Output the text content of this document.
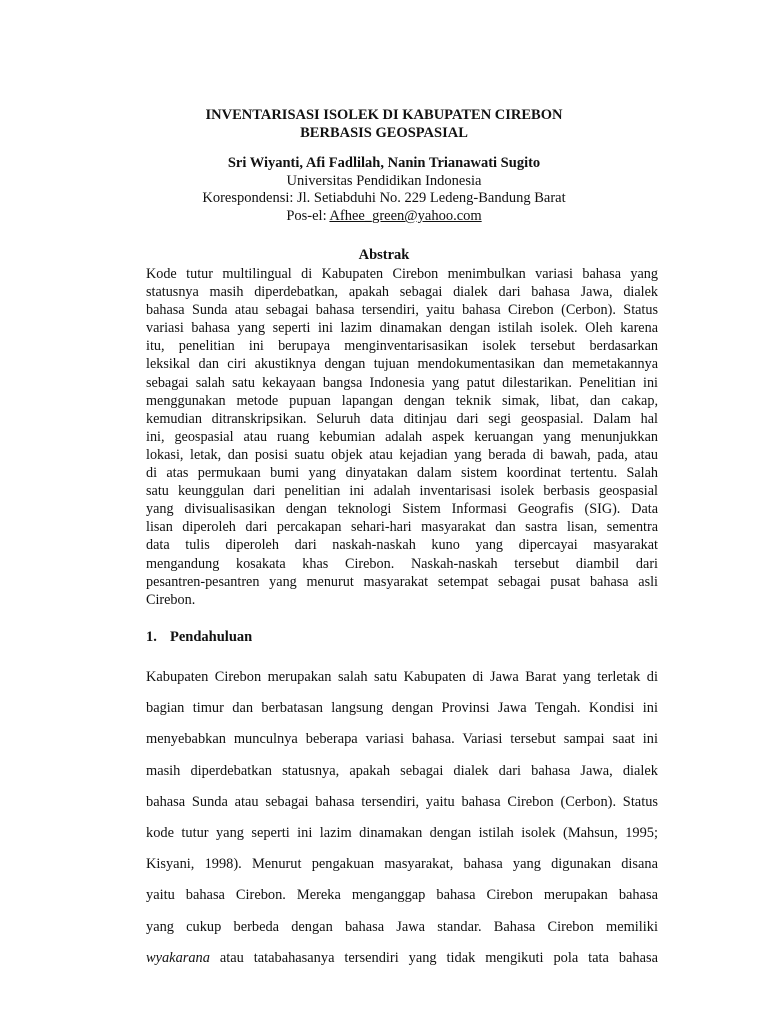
INVENTARISASI ISOLEK DI KABUPATEN CIREBON
BERBASIS GEOSPASIAL
Sri Wiyanti, Afi Fadlilah, Nanin Trianawati Sugito
Universitas Pendidikan Indonesia
Korespondensi: Jl. Setiabduhi No. 229 Ledeng-Bandung Barat
Pos-el: Afhee_green@yahoo.com
Abstrak
Kode tutur multilingual di Kabupaten Cirebon menimbulkan variasi bahasa yang
statusnya masih diperdebatkan, apakah sebagai dialek dari bahasa Jawa, dialek
bahasa Sunda atau sebagai bahasa tersendiri, yaitu bahasa Cirebon (Cerbon). Status
variasi bahasa yang seperti ini lazim dinamakan dengan istilah isolek. Oleh karena
itu, penelitian ini berupaya menginventarisasikan isolek tersebut berdasarkan
leksikal dan ciri akustiknya dengan tujuan mendokumentasikan dan memetakannya
sebagai salah satu kekayaan bangsa Indonesia yang patut dilestarikan. Penelitian ini
menggunakan metode pupuan lapangan dengan teknik simak, libat, dan cakap,
kemudian ditranskripsikan. Seluruh data ditinjau dari segi geospasial. Dalam hal
ini, geospasial atau ruang kebumian adalah aspek keruangan yang menunjukkan
lokasi, letak, dan posisi suatu objek atau kejadian yang berada di bawah, pada, atau
di atas permukaan bumi yang dinyatakan dalam sistem koordinat tertentu. Salah
satu keunggulan dari penelitian ini adalah inventarisasi isolek berbasis geospasial
yang divisualisasikan dengan teknologi Sistem Informasi Geografis (SIG). Data
lisan diperoleh dari percakapan sehari-hari masyarakat dan sastra lisan, sementra
data tulis diperoleh dari naskah-naskah kuno yang dipercayai masyarakat
mengandung kosakata khas Cirebon. Naskah-naskah tersebut diambil dari
pesantren-pesantren yang menurut masyarakat setempat sebagai pusat bahasa asli
Cirebon.
1. Pendahuluan
Kabupaten Cirebon merupakan salah satu Kabupaten di Jawa Barat yang terletak di
bagian timur dan berbatasan langsung dengan Provinsi Jawa Tengah. Kondisi ini
menyebabkan munculnya beberapa variasi bahasa. Variasi tersebut sampai saat ini
masih diperdebatkan statusnya, apakah sebagai dialek dari bahasa Jawa, dialek
bahasa Sunda atau sebagai bahasa tersendiri, yaitu bahasa Cirebon (Cerbon). Status
kode tutur yang seperti ini lazim dinamakan dengan istilah isolek (Mahsun, 1995;
Kisyani, 1998). Menurut pengakuan masyarakat, bahasa yang digunakan disana
yaitu bahasa Cirebon. Mereka menganggap bahasa Cirebon merupakan bahasa
yang cukup berbeda dengan bahasa Jawa standar. Bahasa Cirebon memiliki
wyakarana atau tatabahasanya tersendiri yang tidak mengikuti pola tata bahasa
